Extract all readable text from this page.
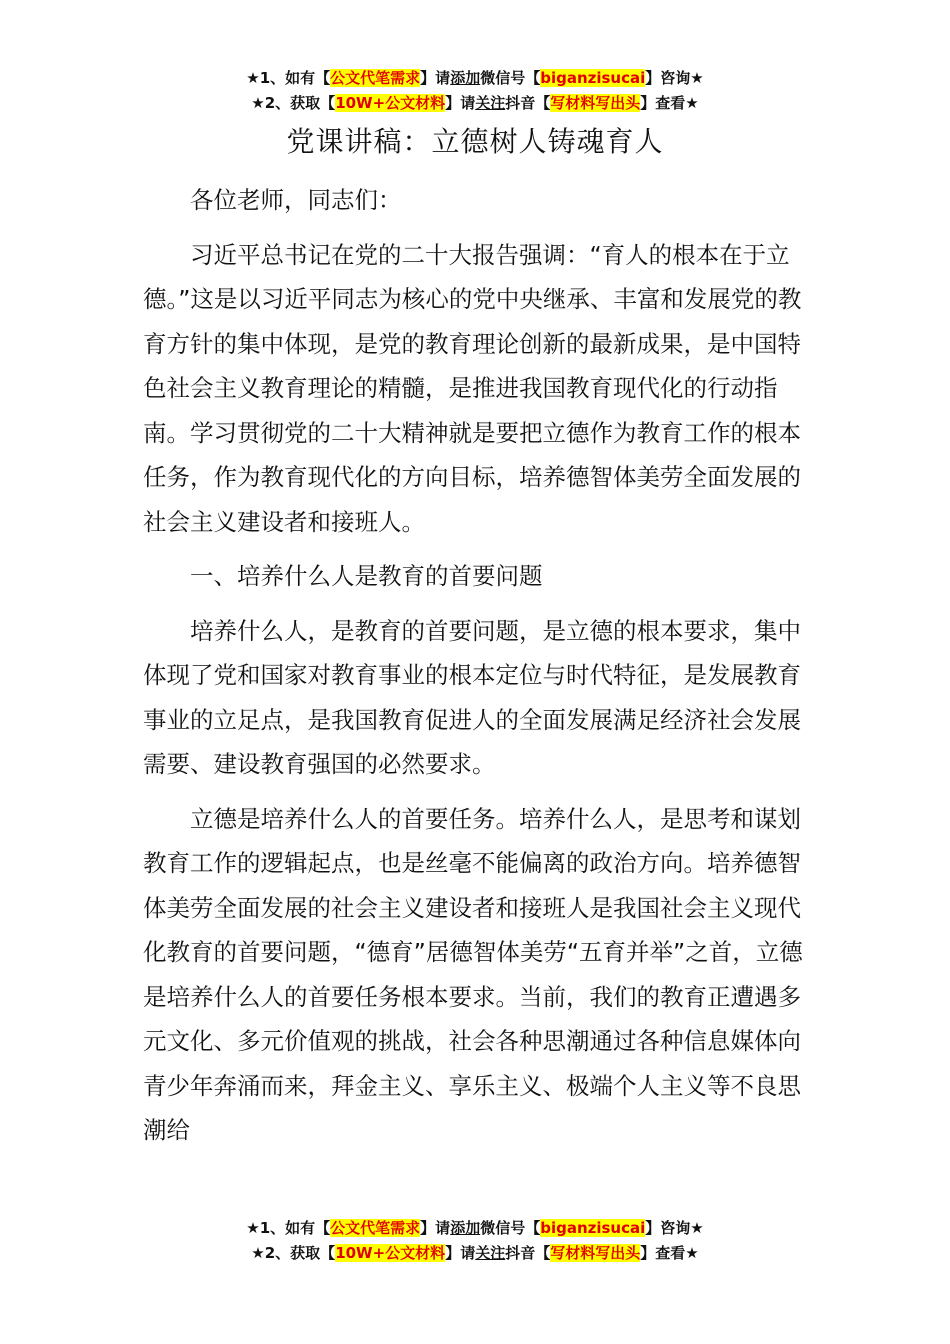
★1、如有【公文代笔需求】请添加微信号【biganzisucai】咨询★
★2、获取【10W+公文材料】请关注抖音【写材料写出头】查看★
党课讲稿：立德树人铸魂育人

各位老师，同志们：

习近平总书记在党的二十大报告强调：“育人的根本在于立德。”这是以习近平同志为核心的党中央继承、丰富和发展党的教育方针的集中体现，是党的教育理论创新的最新成果，是中国特色社会主义教育理论的精髓，是推进我国教育现代化的行动指南。学习贯彻党的二十大精神就是要把立德作为教育工作的根本任务，作为教育现代化的方向目标，培养德智体美劳全面发展的社会主义建设者和接班人。

一、培养什么人是教育的首要问题

培养什么人，是教育的首要问题，是立德的根本要求，集中体现了党和国家对教育事业的根本定位与时代特征，是发展教育事业的立足点，是我国教育促进人的全面发展满足经济社会发展需要、建设教育强国的必然要求。

立德是培养什么人的首要任务。培养什么人，是思考和谋划教育工作的逻辑起点，也是丝毫不能偏离的政治方向。培养德智体美劳全面发展的社会主义建设者和接班人是我国社会主义现代化教育的首要问题，“德育”居德智体美劳“五育并举”之首，立德是培养什么人的首要任务根本要求。当前，我们的教育正遭遇多元文化、多元价值观的挑战，社会各种思潮通过各种信息媒体向青少年奔涌而来，拜金主义、享乐主义、极端个人主义等不良思潮给

★1、如有【公文代笔需求】请添加微信号【biganzisucai】咨询★
★2、获取【10W+公文材料】请关注抖音【写材料写出头】查看★
